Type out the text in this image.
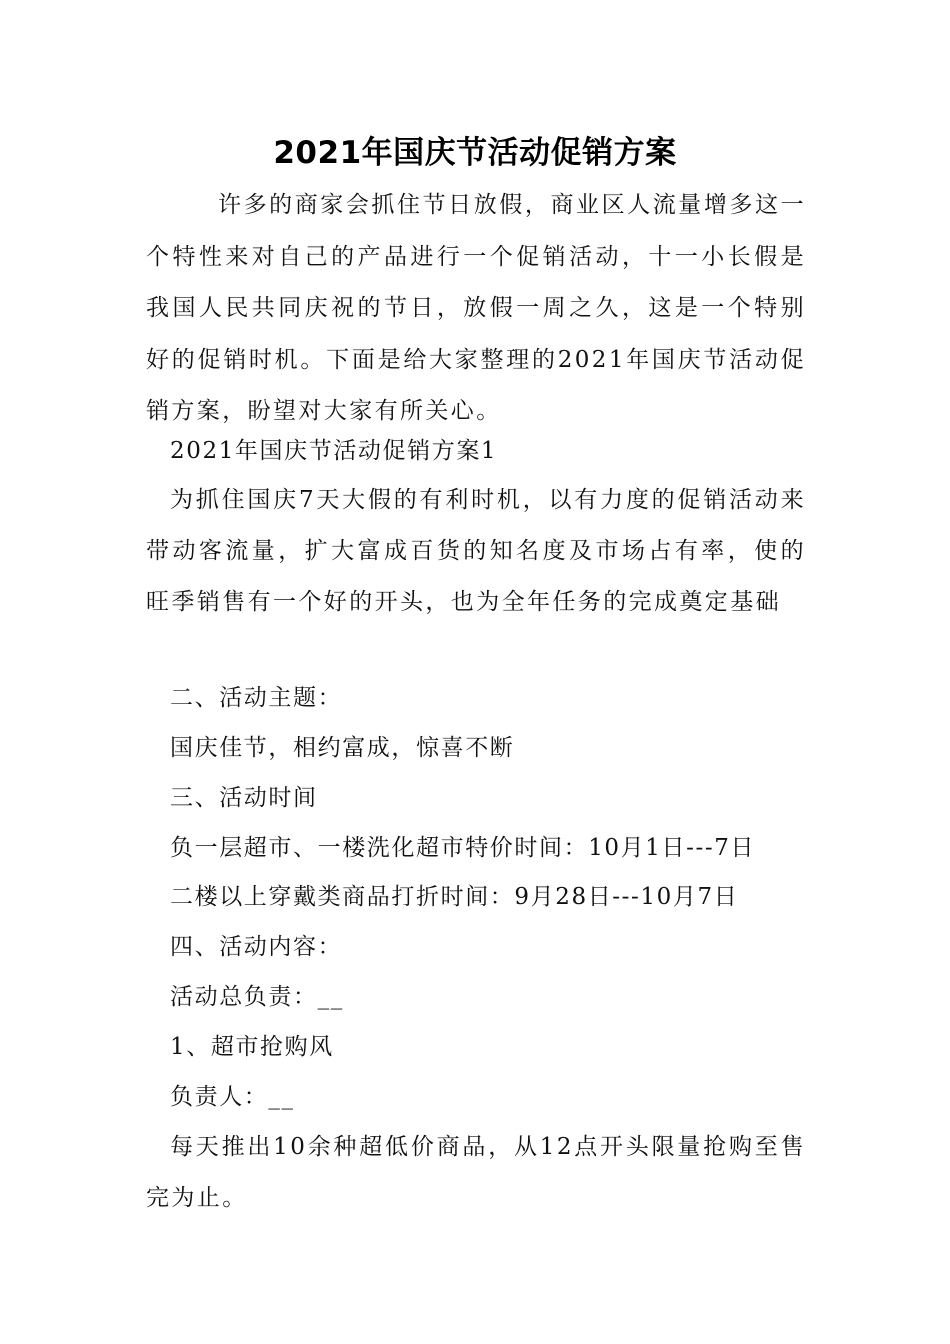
2021年国庆节活动促销方案

许多的商家会抓住节日放假，商业区人流量增多这一个特性来对自己的产品进行一个促销活动，十一小长假是我国人民共同庆祝的节日，放假一周之久，这是一个特别好的促销时机。下面是给大家整理的2021年国庆节活动促销方案，盼望对大家有所关心。

2021年国庆节活动促销方案1

为抓住国庆7天大假的有利时机，以有力度的促销活动来带动客流量，扩大富成百货的知名度及市场占有率，使的旺季销售有一个好的开头，也为全年任务的完成奠定基础

二、活动主题：

国庆佳节，相约富成，惊喜不断

三、活动时间

负一层超市、一楼洗化超市特价时间：10月1日---7日

二楼以上穿戴类商品打折时间：9月28日---10月7日

四、活动内容：

活动总负责：__

1、超市抢购风

负责人：__

每天推出10余种超低价商品，从12点开头限量抢购至售完为止。
